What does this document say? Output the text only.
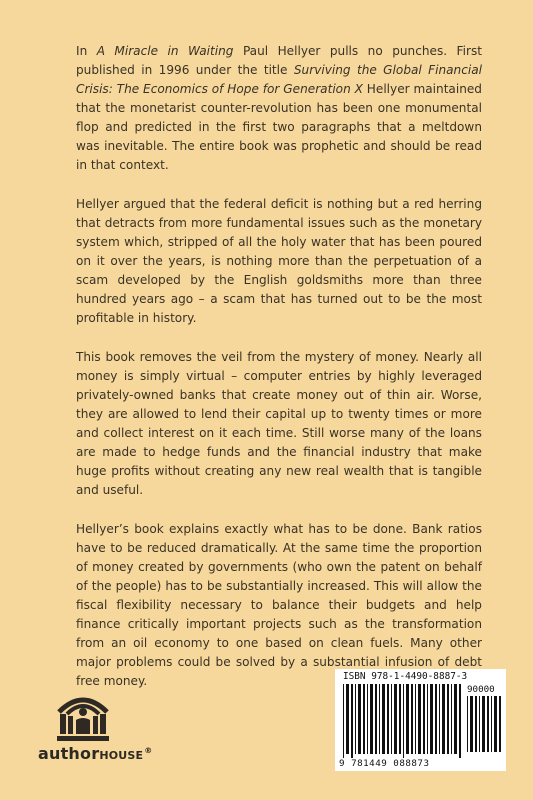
In A Miracle in Waiting Paul Hellyer pulls no punches. First published in 1996 under the title Surviving the Global Financial Crisis: The Economics of Hope for Generation X Hellyer maintained that the monetarist counter-revolution has been one monumental flop and predicted in the first two paragraphs that a meltdown was inevitable. The entire book was prophetic and should be read in that context.

Hellyer argued that the federal deficit is nothing but a red herring that detracts from more fundamental issues such as the monetary system which, stripped of all the holy water that has been poured on it over the years, is nothing more than the perpetuation of a scam developed by the English goldsmiths more than three hundred years ago – a scam that has turned out to be the most profitable in history.

This book removes the veil from the mystery of money. Nearly all money is simply virtual – computer entries by highly leveraged privately-owned banks that create money out of thin air. Worse, they are allowed to lend their capital up to twenty times or more and collect interest on it each time. Still worse many of the loans are made to hedge funds and the financial industry that make huge profits without creating any new real wealth that is tangible and useful.

Hellyer’s book explains exactly what has to be done. Bank ratios have to be reduced dramatically. At the same time the proportion of money created by governments (who own the patent on behalf of the people) has to be substantially increased. This will allow the fiscal flexibility necessary to balance their budgets and help finance critically important projects such as the transformation from an oil economy to one based on clean fuels. Many other major problems could be solved by a substantial infusion of debt free money.

authorHOUSE®
ISBN 978-1-4490-8887-3
90000
9 781449 088873
